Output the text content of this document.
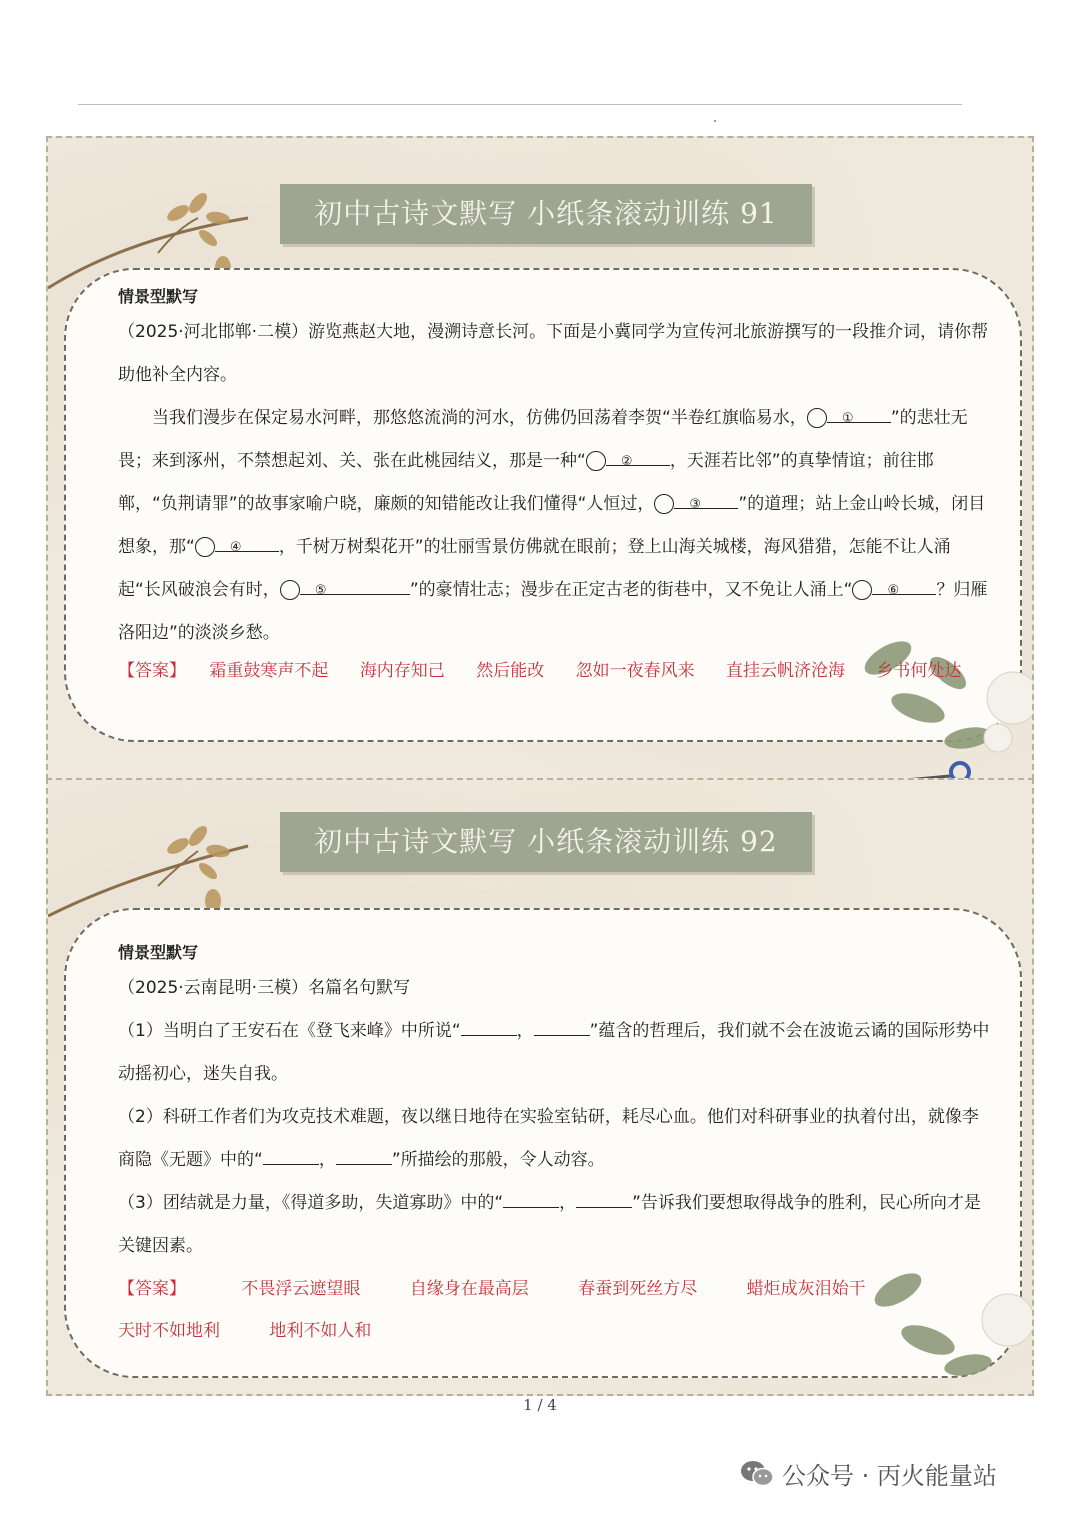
初中古诗文默写 小纸条滚动训练 91
情景型默写

（2025·河北邯郸·二模）游览燕赵大地，漫溯诗意长河。下面是小冀同学为宣传河北旅游撰写的一段推介词，请你帮助他补全内容。

当我们漫步在保定易水河畔，那悠悠流淌的河水，仿佛仍回荡着李贺“半卷红旗临易水，	① ”的悲壮无畏；来到涿州，不禁想起刘、关、张在此桃园结义，那是一种“	② ，天涯若比邻”的真挚情谊；前往邯郸，“负荆请罪”的故事家喻户晓，廉颇的知错能改让我们懂得“人恒过，	③ ”的道理；站上金山岭长城，闭目想象，那“	④ ，千树万树梨花开”的壮丽雪景仿佛就在眼前；登上山海关城楼，海风猎猎，怎能不让人涌起“长风破浪会有时，	⑤	”的豪情壮志；漫步在正定古老的街巷中，又不免让人涌上“	⑥ ？归雁洛阳边”的淡淡乡愁。

【答案】 霜重鼓寒声不起 海内存知己 然后能改 忽如一夜春风来 直挂云帆济沧海 乡书何处达
初中古诗文默写 小纸条滚动训练 92
情景型默写

（2025·云南昆明·三模）名篇名句默写

（1）当明白了王安石在《登飞来峰》中所说“	，	”蕴含的哲理后，我们就不会在波诡云谲的国际形势中动摇初心，迷失自我。

（2）科研工作者们为攻克技术难题，夜以继日地待在实验室钻研，耗尽心血。他们对科研事业的执着付出，就像李商隐《无题》中的“	，	”所描绘的那般，令人动容。

（3）团结就是力量，《得道多助，失道寡助》中的“	，	”告诉我们要想取得战争的胜利，民心所向才是关键因素。

【答案】	不畏浮云遮望眼	自缘身在最高层	春蚕到死丝方尽	蜡炬成灰泪始干
天时不如地利	地利不如人和
1 / 4
公众号 · 丙火能量站
